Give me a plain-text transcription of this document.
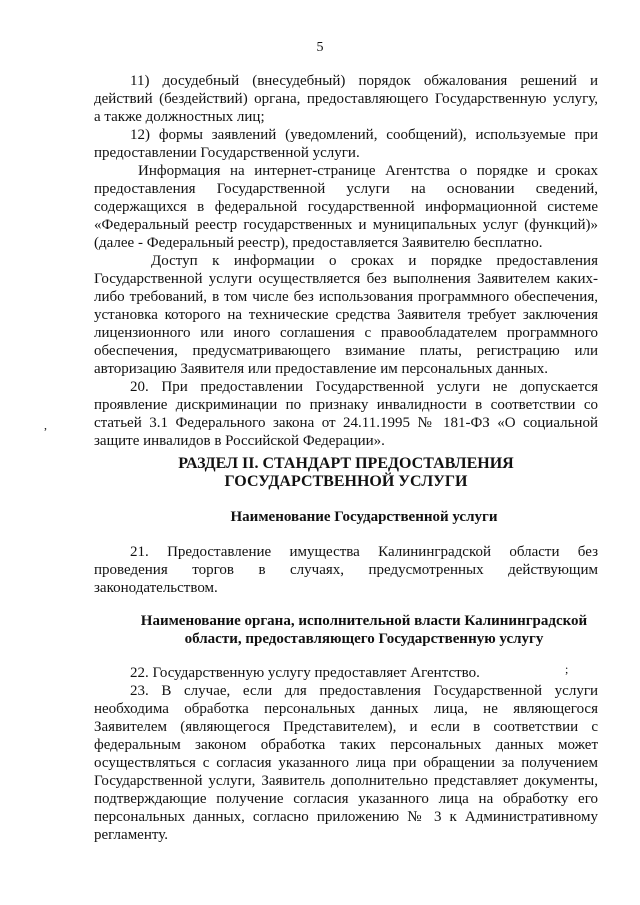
5
11) досудебный (внесудебный) порядок обжалования решений и
действий (бездействий) органа, предоставляющего Государственную услугу,
а также должностных лиц;
12) формы заявлений (уведомлений, сообщений), используемые при
предоставлении Государственной услуги.
Информация на интернет-странице Агентства о порядке и сроках
предоставления Государственной услуги на основании сведений,
содержащихся в федеральной государственной информационной системе
«Федеральный реестр государственных и муниципальных услуг (функций)»
(далее - Федеральный реестр), предоставляется Заявителю бесплатно.
Доступ к информации о сроках и порядке предоставления
Государственной услуги осуществляется без выполнения Заявителем каких-
либо требований, в том числе без использования программного обеспечения,
установка которого на технические средства Заявителя требует заключения
лицензионного или иного соглашения с правообладателем программного
обеспечения, предусматривающего взимание платы, регистрацию или
авторизацию Заявителя или предоставление им персональных данных.
20. При предоставлении Государственной услуги не допускается
проявление дискриминации по признаку инвалидности в соответствии со
статьей 3.1 Федерального закона от 24.11.1995 № 181-ФЗ «О социальной
защите инвалидов в Российской Федерации».
,
РАЗДЕЛ II. СТАНДАРТ ПРЕДОСТАВЛЕНИЯ
ГОСУДАРСТВЕННОЙ УСЛУГИ
Наименование Государственной услуги
21. Предоставление имущества Калининградской области без
проведения торгов в случаях, предусмотренных действующим
законодательством.
Наименование органа, исполнительной власти Калининградской
области, предоставляющего Государственную услугу
22. Государственную услугу предоставляет Агентство.	;
23. В случае, если для предоставления Государственной услуги
необходима обработка персональных данных лица, не являющегося
Заявителем (являющегося Представителем), и если в соответствии с
федеральным законом обработка таких персональных данных может
осуществляться с согласия указанного лица при обращении за получением
Государственной услуги, Заявитель дополнительно представляет документы,
подтверждающие получение согласия указанного лица на обработку его
персональных данных, согласно приложению № 3 к Административному
регламенту.
